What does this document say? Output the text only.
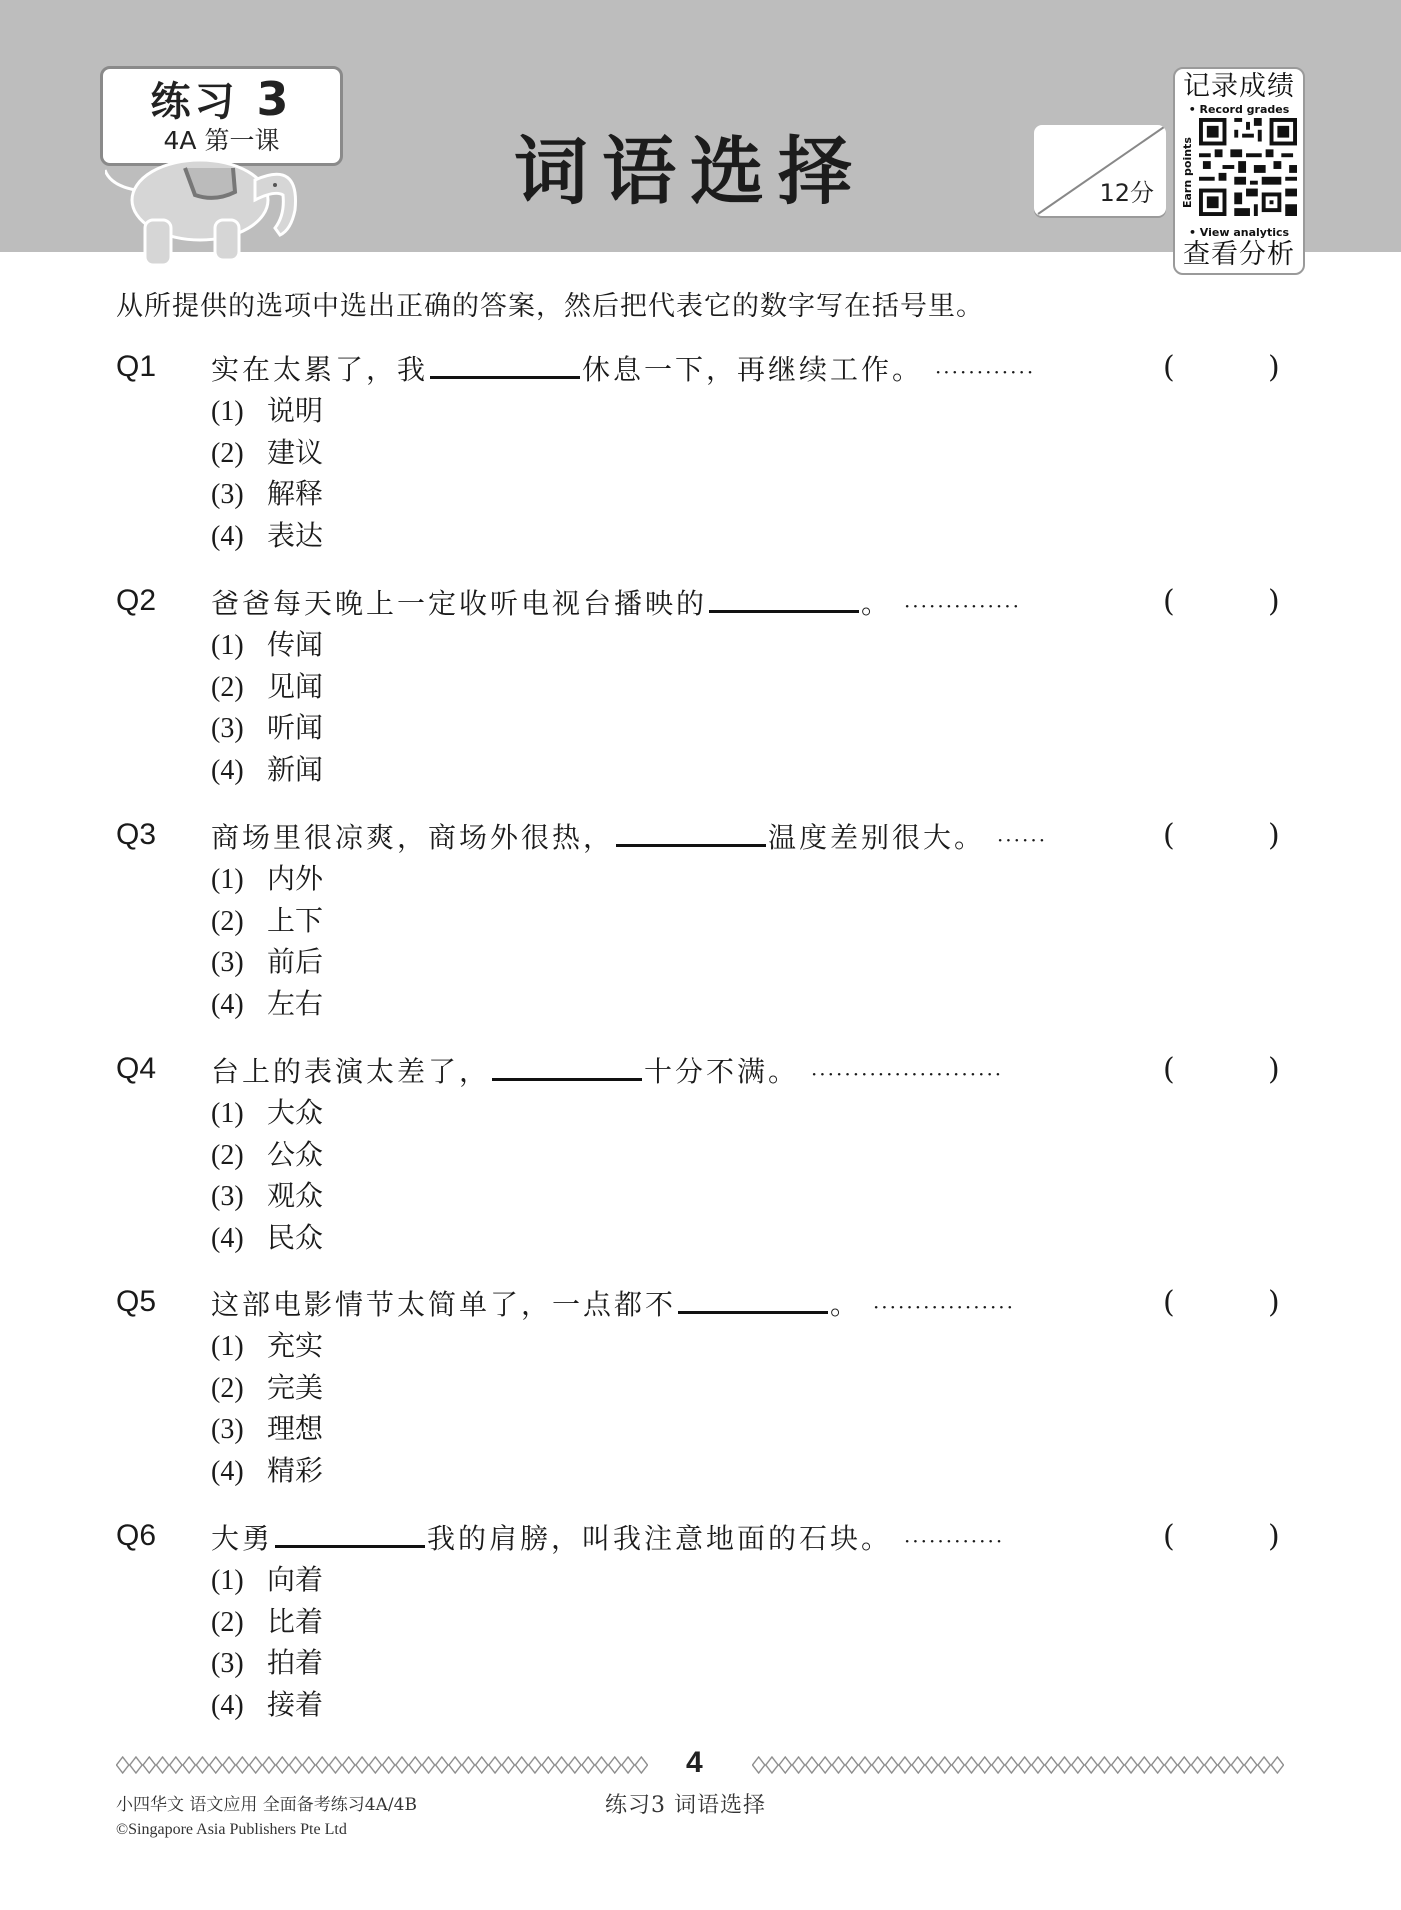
练习 3
4A 第一课	词语选择	12分
记录成绩
• Record grades
Earn points
• View analytics
查看分析
从所提供的选项中选出正确的答案，然后把代表它的数字写在括号里。
Q1 实在太累了，我	休息一下，再继续工作。 ············	(	)
(1) 说明
(2) 建议
(3) 解释
(4) 表达
Q2 爸爸每天晚上一定收听电视台播映的	。 ··············	(	)
(1) 传闻
(2) 见闻
(3) 听闻
(4) 新闻
Q3 商场里很凉爽，商场外很热，	温度差别很大。 ······	(	)
(1) 内外
(2) 上下
(3) 前后
(4) 左右
Q4 台上的表演太差了，	十分不满。 ·······················	(	)
(1) 大众
(2) 公众
(3) 观众
(4) 民众
Q5 这部电影情节太简单了，一点都不	。 ·················	(	)
(1) 充实
(2) 完美
(3) 理想
(4) 精彩
Q6 大勇	我的肩膀，叫我注意地面的石块。 ············	(	)
(1) 向着
(2) 比着
(3) 拍着
(4) 接着
4
小四华文 语文应用 全面备考练习4A/4B
©Singapore Asia Publishers Pte Ltd
练习3 词语选择
